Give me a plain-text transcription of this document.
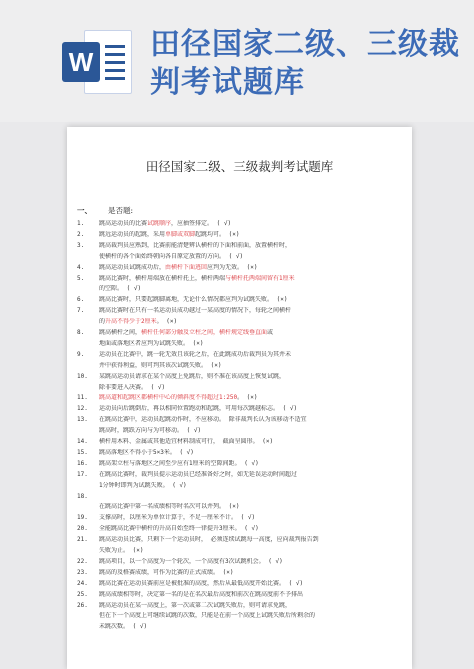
W 田径国家二级、三级裁判考试题库
田径国家二级、三级裁判考试题库
一、 是否题:
1. 跳高运动员的比赛试跳顺序，应抽签排定。 ( √)
2. 跳远运动员的起跳，采用单脚或双脚起跳均可。 (×)
3. 跳高裁判员应熟到，比赛前能清楚辨认横杆的下面和前面，放置横杆时，
使横杆的各个面始终朝向各自原定放置的方向。 ( √)
4. 跳高运动员试跳成功后，由横杆下面逃回应判为无效。 (×)
5. 跳高比赛时，横杆用端放在横杆托上，横杆两端与横杆托两端间留有1厘米
的空隙。 ( √)
6. 跳高比赛时，只要起跳脚离地，无论什么情况都应判为试跳失败。 (×)
7. 跳高比赛时在只有一名运动员成功越过一某高度的情况下，每轮之间横杆
的升高不得少于2厘米。 (×)
8. 跳高横杆之间，横杆任何部分触及立柱之间，横杆规定线垂直面或
地面或落地区者应判为试跳失败。 (×)
9. 运动员在比赛中，跳一轮无效且该轮之后，在此跳成功后裁判员为其并未
并中获得利益，则可判其该次试跳失败。 (×)
10. 某跳高运动员请求在某个高度上免跳后，则不准在该高度上恢复试跳，
除非要进入决赛。 ( √)
11. 跳高道和起跳区都横杆中心的倾斜度不得超过1:250。 (×)
12. 运动员向后跳倒后，再以相同位置跑动和起跳，可用每次跳越标志。 ( √)
13. 在跳高比赛中，运动员起跳动作时，不应移动。 除非裁判长认为该移动不适宜
跳高时，跳跃方向与为可移动。 ( √)
14. 横杆用木料、金属或其他适宜材料制成可行， 截面呈圆形。 (×)
15. 跳高落地区不得小于5×3米。 ( √)
16. 跳高架立柱与落地区之间至少应有1厘米的空隙间距。 ( √)
17. 在跳高比赛时，裁判员提示运动员已经准备好之时，如无延误运动时间超过
1分钟时即判为试跳失败。 ( √)
18.
在跳高比赛中第一名成绩相等时名次可以并列。 (×)
19. 支撑高时，以厘米为单位计算于，不足一厘米不计。 ( √)
20. 全能跳高比赛中横杆的升高自始至终一律提升3厘米。 ( √)
21. 跳高运动员比赛，只剩下一个运动员时， 必须连续试跳每一高度，应向裁判报告到
失败为止。 (×)
22. 跳高项目，以一个高度为一个轮次，一个高度有3次试跳机会。 ( √)
23. 跳高的及格赛成绩，可作为比赛的正式成绩。 (×)
24. 跳高比赛在运动员赛前应是被批准的高度，然后从最低高度开始比赛。 ( √)
25. 跳高成绩相等时，决定第一名的是在名次最后高度和前次在跳高度前不予排出
26. 跳高运动员在某一高度上，第一次或第二次试跳失败后，则可请求免跳，
但在下一个高度上可继续试跳的次数，只能是在前一个高度上试跳失败后所剩余的
未跳次数。 ( √)
